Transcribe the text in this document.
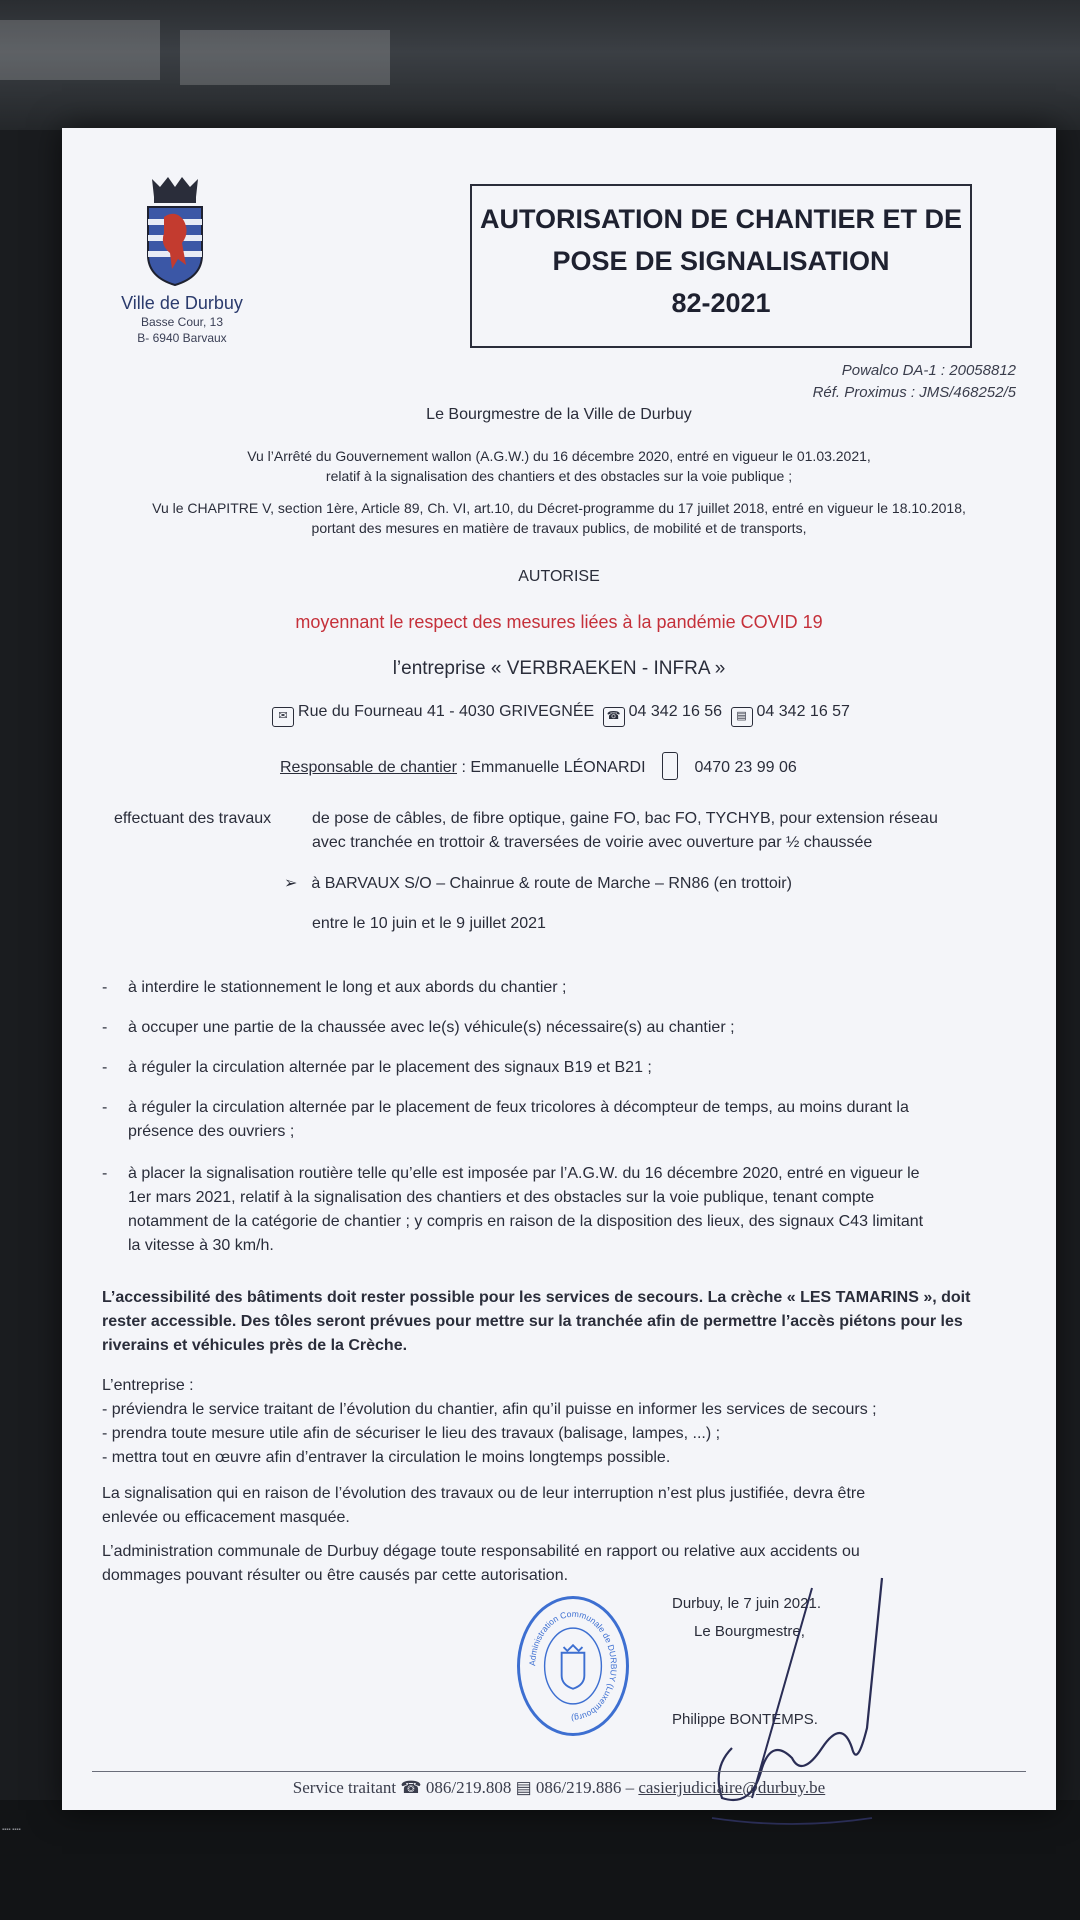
▪▪▪▪ ▪▪▪▪
Ville de Durbuy
Basse Cour, 13
B- 6940 Barvaux
AUTORISATION DE CHANTIER ET DE
POSE DE SIGNALISATION
82-2021
Powalco DA-1 : 20058812
Réf. Proximus : JMS/468252/5
Le Bourgmestre de la Ville de Durbuy
Vu l’Arrêté du Gouvernement wallon (A.G.W.) du 16 décembre 2020, entré en vigueur le 01.03.2021,
relatif à la signalisation des chantiers et des obstacles sur la voie publique ;
Vu le CHAPITRE V, section 1ère, Article 89, Ch. VI, art.10, du Décret-programme du 17 juillet 2018, entré en vigueur le 18.10.2018,
portant des mesures en matière de travaux publics, de mobilité et de transports,
AUTORISE
moyennant le respect des mesures liées à la pandémie COVID 19
l’entreprise « VERBRAEKEN - INFRA »
✉ Rue du Fourneau 41 - 4030 GRIVEGNÉE ☎ 04 342 16 56 ▤ 04 342 16 57
Responsable de chantier : Emmanuelle LÉONARDI	0470 23 99 06
effectuant des travaux	de pose de câbles, de fibre optique, gaine FO, bac FO, TYCHYB, pour extension réseau
avec tranchée en trottoir & traversées de voirie avec ouverture par ½ chaussée
➢ à BARVAUX S/O – Chainrue & route de Marche – RN86 (en trottoir)
entre le 10 juin et le 9 juillet 2021
- à interdire le stationnement le long et aux abords du chantier ;
- à occuper une partie de la chaussée avec le(s) véhicule(s) nécessaire(s) au chantier ;
- à réguler la circulation alternée par le placement des signaux B19 et B21 ;
- à réguler la circulation alternée par le placement de feux tricolores à décompteur de temps, au moins durant la
présence des ouvriers ;
- à placer la signalisation routière telle qu’elle est imposée par l’A.G.W. du 16 décembre 2020, entré en vigueur le
1er mars 2021, relatif à la signalisation des chantiers et des obstacles sur la voie publique, tenant compte
notamment de la catégorie de chantier ; y compris en raison de la disposition des lieux, des signaux C43 limitant
la vitesse à 30 km/h.
L’accessibilité des bâtiments doit rester possible pour les services de secours. La crèche « LES TAMARINS », doit
rester accessible. Des tôles seront prévues pour mettre sur la tranchée afin de permettre l’accès piétons pour les
riverains et véhicules près de la Crèche.
L’entreprise :
- préviendra le service traitant de l’évolution du chantier, afin qu’il puisse en informer les services de secours ;
- prendra toute mesure utile afin de sécuriser le lieu des travaux (balisage, lampes, ...) ;
- mettra tout en œuvre afin d’entraver la circulation le moins longtemps possible.
La signalisation qui en raison de l’évolution des travaux ou de leur interruption n’est plus justifiée, devra être
enlevée ou efficacement masquée.
L’administration communale de Durbuy dégage toute responsabilité en rapport ou relative aux accidents ou
dommages pouvant résulter ou être causés par cette autorisation.
Administration Communale de DURBUY (Luxembourg)
Durbuy, le 7 juin 2021.
Le Bourgmestre,
Philippe BONTEMPS.
Service traitant ☎ 086/219.808 ▤ 086/219.886 – casierjudiciaire@durbuy.be
